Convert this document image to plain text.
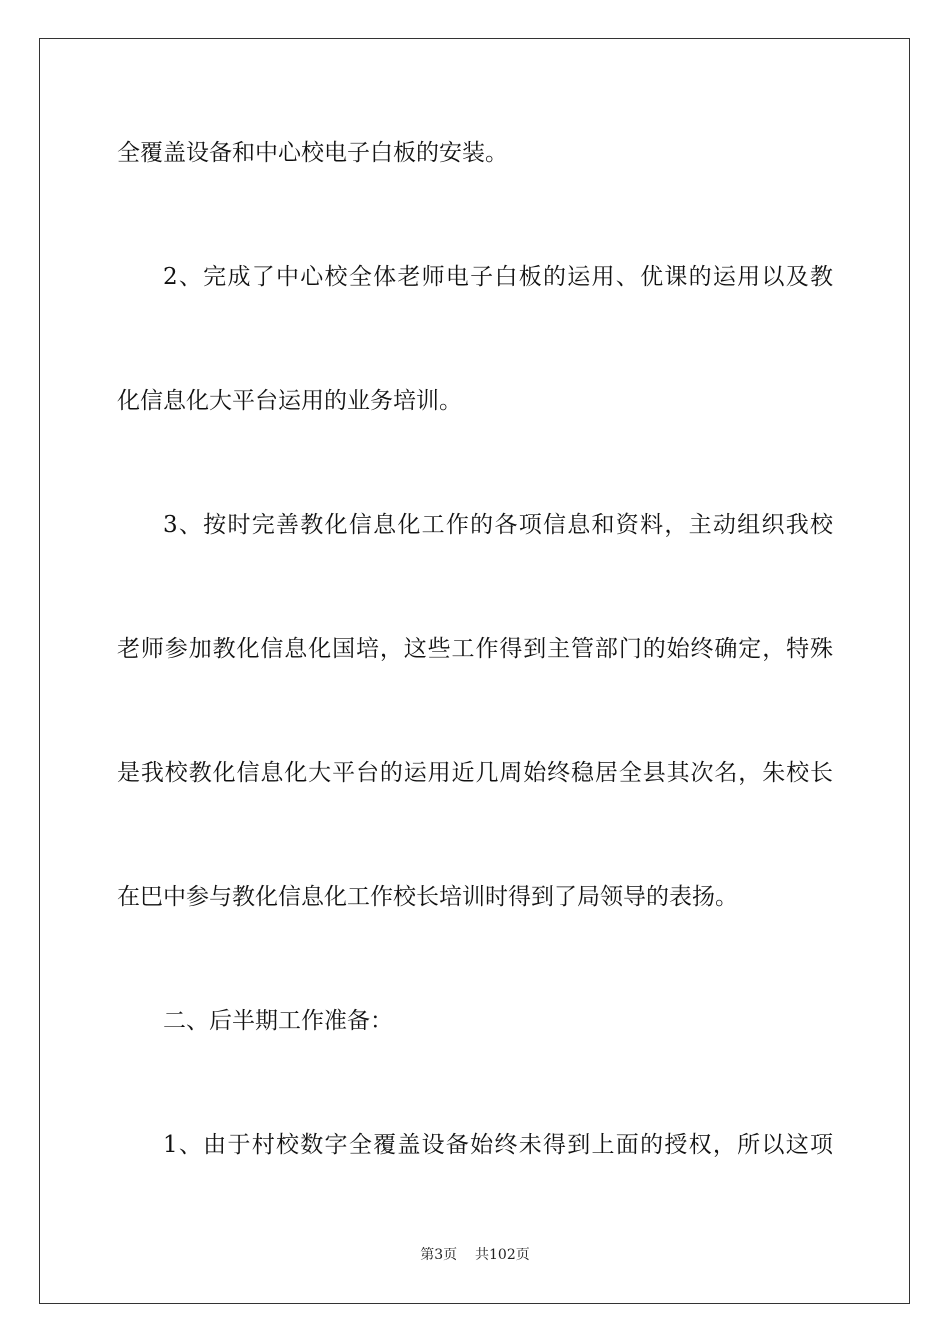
全覆盖设备和中心校电子白板的安装。
2、完成了中心校全体老师电子白板的运用、优课的运用以及教
化信息化大平台运用的业务培训。
3、按时完善教化信息化工作的各项信息和资料，主动组织我校
老师参加教化信息化国培，这些工作得到主管部门的始终确定，特殊
是我校教化信息化大平台的运用近几周始终稳居全县其次名，朱校长
在巴中参与教化信息化工作校长培训时得到了局领导的表扬。
二、后半期工作准备：
1、由于村校数字全覆盖设备始终未得到上面的授权，所以这项
第3页 共102页
